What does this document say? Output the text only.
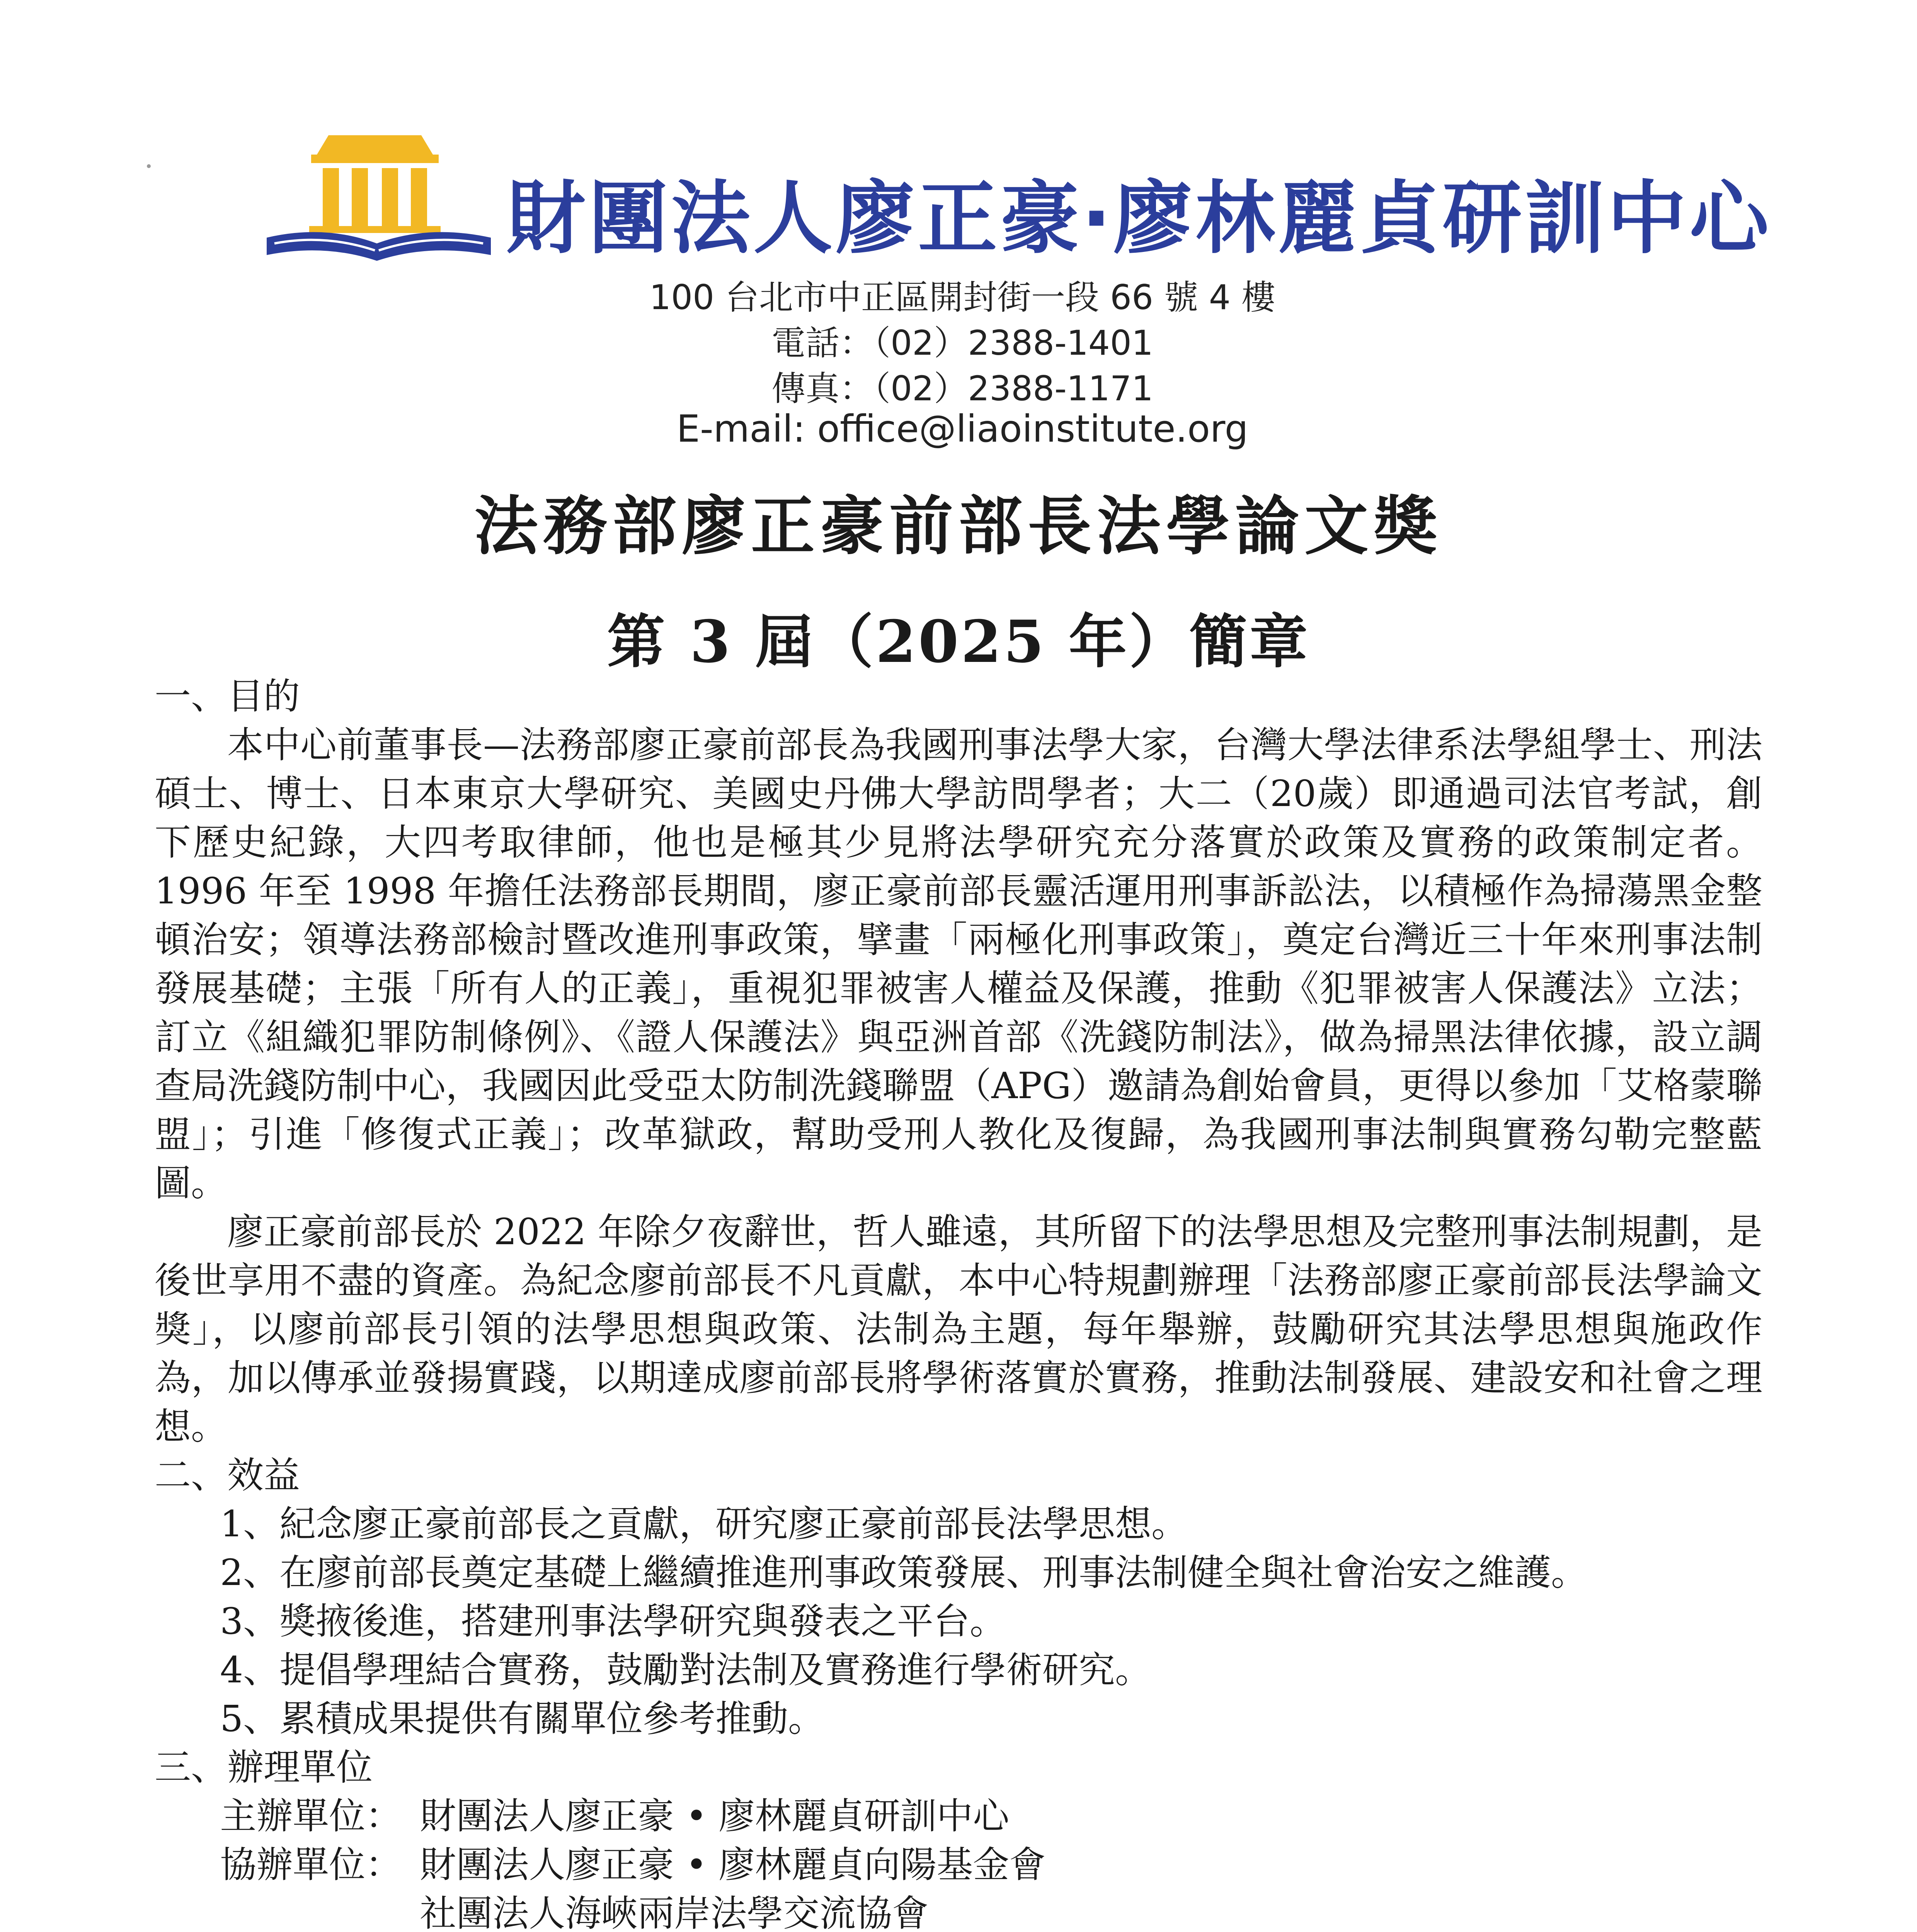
財團法人廖正豪‧廖林麗貞研訓中心
100 台北市中正區開封街一段 66 號 4 樓
電話：（02）2388-1401
傳真：（02）2388-1171
E-mail: office@liaoinstitute.org
法務部廖正豪前部長法學論文獎
第 3 屆（2025 年）簡章

一、目的

本中心前董事長—法務部廖正豪前部長為我國刑事法學大家，台灣大學法律系法學組學士、刑法碩士、博士、日本東京大學研究、美國史丹佛大學訪問學者；大二（20歲）即通過司法官考試，創下歷史紀錄，大四考取律師，他也是極其少見將法學研究充分落實於政策及實務的政策制定者。1996 年至 1998 年擔任法務部長期間，廖正豪前部長靈活運用刑事訴訟法，以積極作為掃蕩黑金整頓治安；領導法務部檢討暨改進刑事政策，擘畫「兩極化刑事政策」，奠定台灣近三十年來刑事法制發展基礎；主張「所有人的正義」，重視犯罪被害人權益及保護，推動《犯罪被害人保護法》立法；訂立《組織犯罪防制條例》、《證人保護法》與亞洲首部《洗錢防制法》，做為掃黑法律依據，設立調查局洗錢防制中心，我國因此受亞太防制洗錢聯盟（APG）邀請為創始會員，更得以參加「艾格蒙聯盟」；引進「修復式正義」；改革獄政，幫助受刑人教化及復歸，為我國刑事法制與實務勾勒完整藍圖。

廖正豪前部長於 2022 年除夕夜辭世，哲人雖遠，其所留下的法學思想及完整刑事法制規劃，是後世享用不盡的資產。為紀念廖前部長不凡貢獻，本中心特規劃辦理「法務部廖正豪前部長法學論文獎」，以廖前部長引領的法學思想與政策、法制為主題，每年舉辦，鼓勵研究其法學思想與施政作為，加以傳承並發揚實踐，以期達成廖前部長將學術落實於實務，推動法制發展、建設安和社會之理想。

二、效益

1、紀念廖正豪前部長之貢獻，研究廖正豪前部長法學思想。

2、在廖前部長奠定基礎上繼續推進刑事政策發展、刑事法制健全與社會治安之維護。

3、獎掖後進，搭建刑事法學研究與發表之平台。

4、提倡學理結合實務，鼓勵對法制及實務進行學術研究。

5、累積成果提供有關單位參考推動。

三、辦理單位

主辦單位： 財團法人廖正豪 • 廖林麗貞研訓中心

協辦單位： 財團法人廖正豪 • 廖林麗貞向陽基金會

社團法人海峽兩岸法學交流協會
